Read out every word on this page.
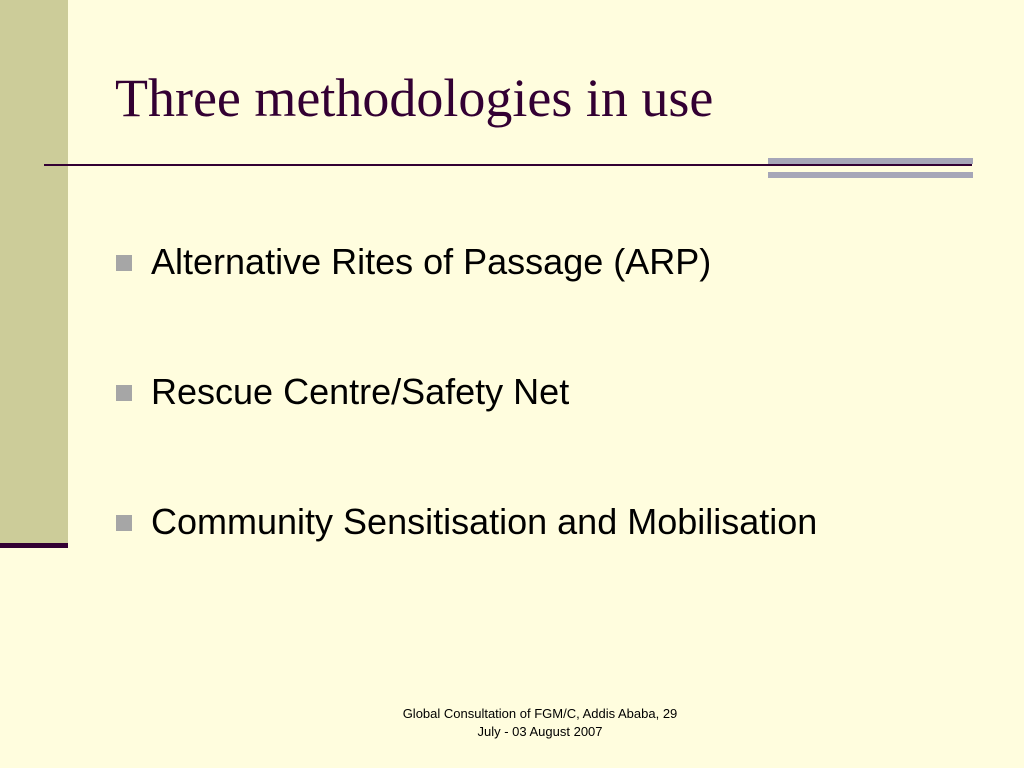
Three methodologies in use
Alternative Rites of Passage (ARP)
Rescue Centre/Safety Net
Community Sensitisation and Mobilisation
Global Consultation of FGM/C, Addis Ababa, 29
July - 03 August 2007
